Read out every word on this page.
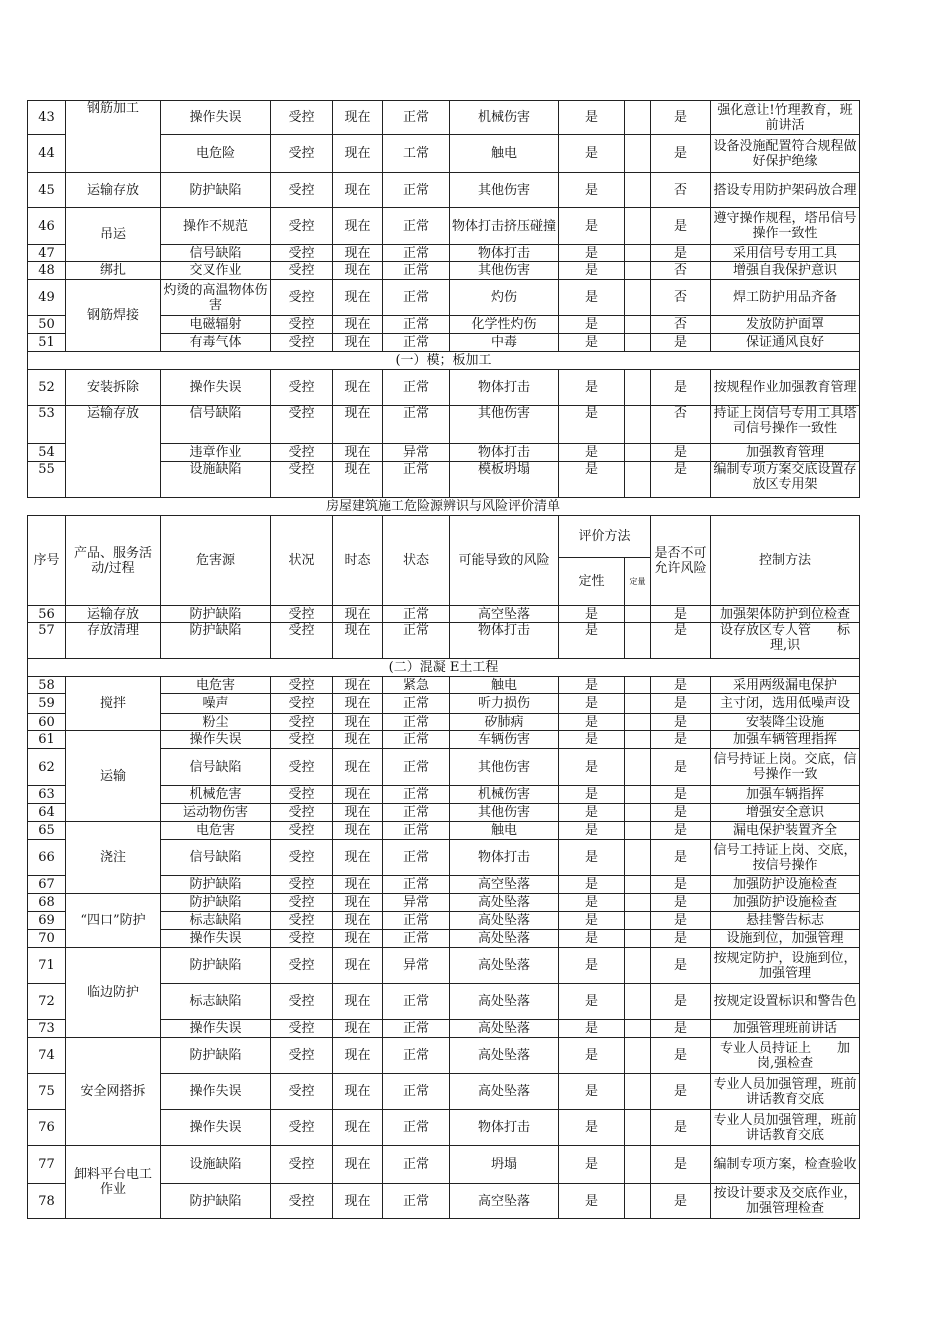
43	钢筋加工	操作失误	受控	现在	正常	机械伤害	是		是	强化意让!竹理教育，班前讲活
44		电危险	受控	现在	工常	触电	是		是	设备没施配置符合规程做好保护绝缘
45	运输存放	防护缺陷	受控	现在	正常	其他伤害	是		否	搭设专用防护架码放合理
46	吊运	操作不规范	受控	现在	正常	物体打击挤压碰撞	是		是	遵守操作规程，塔吊信号操作一致性
47		信号缺陷	受控	现在	正常	物体打击	是		是	采用信号专用工具
48	绑扎	交叉作业	受控	现在	正常	其他伤害	是		否	增强自我保护意识
49	钢筋焊接	灼烫的高温物体伤害	受控	现在	正常	灼伤	是		否	焊工防护用品齐备
50		电磁辐射	受控	现在	正常	化学性灼伤	是		否	发放防护面罩
51		有毒气体	受控	现在	正常	中毒	是		是	保证通风良好
(一）模；板加工										
52	安装拆除	操作失误	受控	现在	正常	物体打击	是		是	按规程作业加强教育管理
53	运输存放	信号缺陷	受控	现在	正常	其他伤害	是		否	持证上岗信号专用工具塔司信号操作一致性
54		违章作业	受控	现在	异常	物体打击	是		是	加强教育管理
55		设施缺陷	受控	现在	正常	模板坍塌	是		是	编制专项方案交底设置存放区专用架
房屋建筑施工危险源辨识与风险评价清单
序号	产品、服务活动/过程	危害源	状况	时态	状态	可能导致的风险	评价方法		是否不可允许风险	控制方法
							定性	定量		
56	运输存放	防护缺陷	受控	现在	正常	高空坠落	是		是	加强架体防护到位检查
57	存放清理	防护缺陷	受控	现在	正常	物体打击	是		是	设存放区专人管　　标理,识
(二）混凝 E土工程										
58	搅拌	电危害	受控	现在	紧急	触电	是		是	采用两级漏电保护
59		噪声	受控	现在	正常	听力损伤	是		是	主寸闭，选用低噪声设
60		粉尘	受控	现在	正常	矽肺病	是		是	安装降尘设施
61	运输	操作失误	受控	现在	正常	车辆伤害	是		是	加强车辆管理指挥
62		信号缺陷	受控	现在	正常	其他伤害	是		是	信号持证上岗。交底，信号操作一致
63		机械危害	受控	现在	正常	机械伤害	是		是	加强车辆指挥
64		运动物伤害	受控	现在	正常	其他伤害	是		是	增强安全意识
65	浇注	电危害	受控	现在	正常	触电	是		是	漏电保护装置齐全
66		信号缺陷	受控	现在	正常	物体打击	是		是	信号工持证上岗、交底，按信号操作
67		防护缺陷	受控	现在	正常	高空坠落	是		是	加强防护设施检查
68	“四口”防护	防护缺陷	受控	现在	异常	高处坠落	是		是	加强防护设施检查
69		标志缺陷	受控	现在	正常	高处坠落	是		是	悬挂警告标志
70		操作失误	受控	现在	正常	高处坠落	是		是	设施到位，加强管理
71	临边防护	防护缺陷	受控	现在	异常	高处坠落	是		是	按规定防护，设施到位，加强管理
72		标志缺陷	受控	现在	正常	高处坠落	是		是	按规定设置标识和警告色
73		操作失误	受控	现在	正常	高处坠落	是		是	加强管理班前讲话
74	安全网搭拆	防护缺陷	受控	现在	正常	高处坠落	是		是	专业人员持证上　　加岗,强检查
75		操作失误	受控	现在	正常	高处坠落	是		是	专业人员加强管理，班前讲话教育交底
76		操作失误	受控	现在	正常	物体打击	是		是	专业人员加强管理，班前讲话教育交底
77	卸料平台电工作业	设施缺陷	受控	现在	正常	坍塌	是		是	编制专项方案，检查验收
78		防护缺陷	受控	现在	正常	高空坠落	是		是	按设计要求及交底作业，加强管理检查
